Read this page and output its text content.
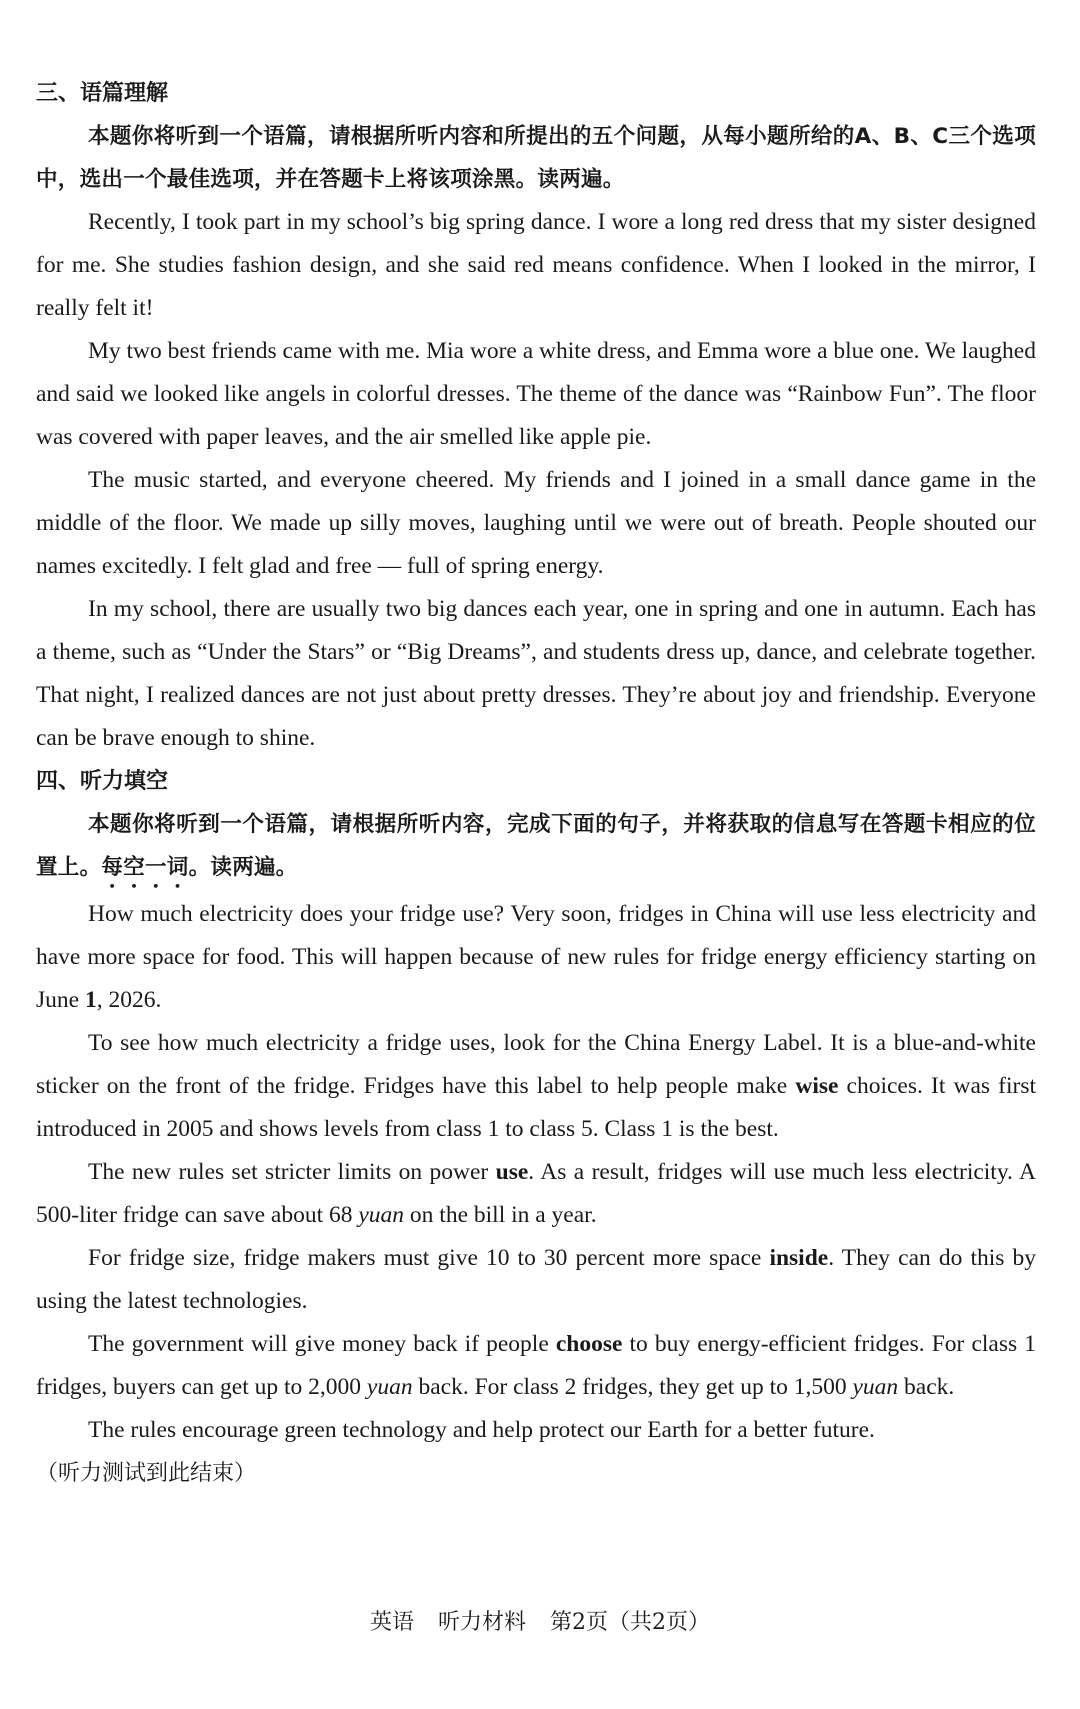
三、语篇理解

本题你将听到一个语篇，请根据所听内容和所提出的五个问题，从每小题所给的A、B、C三个选项中，选出一个最佳选项，并在答题卡上将该项涂黑。读两遍。

Recently, I took part in my school’s big spring dance. I wore a long red dress that my sister designed for me. She studies fashion design, and she said red means confidence. When I looked in the mirror, I really felt it!

My two best friends came with me. Mia wore a white dress, and Emma wore a blue one. We laughed and said we looked like angels in colorful dresses. The theme of the dance was “Rainbow Fun”. The floor was covered with paper leaves, and the air smelled like apple pie.

The music started, and everyone cheered. My friends and I joined in a small dance game in the middle of the floor. We made up silly moves, laughing until we were out of breath. People shouted our names excitedly. I felt glad and free — full of spring energy.

In my school, there are usually two big dances each year, one in spring and one in autumn. Each has a theme, such as “Under the Stars” or “Big Dreams”, and students dress up, dance, and celebrate together. That night, I realized dances are not just about pretty dresses. They’re about joy and friendship. Everyone can be brave enough to shine.

四、听力填空

本题你将听到一个语篇，请根据所听内容，完成下面的句子，并将获取的信息写在答题卡相应的位置上。每空一词。读两遍。

How much electricity does your fridge use? Very soon, fridges in China will use less electricity and have more space for food. This will happen because of new rules for fridge energy efficiency starting on June 1, 2026.

To see how much electricity a fridge uses, look for the China Energy Label. It is a blue-and-white sticker on the front of the fridge. Fridges have this label to help people make wise choices. It was first introduced in 2005 and shows levels from class 1 to class 5. Class 1 is the best.

The new rules set stricter limits on power use. As a result, fridges will use much less electricity. A 500-liter fridge can save about 68 yuan on the bill in a year.

For fridge size, fridge makers must give 10 to 30 percent more space inside. They can do this by using the latest technologies.

The government will give money back if people choose to buy energy-efficient fridges. For class 1 fridges, buyers can get up to 2,000 yuan back. For class 2 fridges, they get up to 1,500 yuan back.

The rules encourage green technology and help protect our Earth for a better future.

（听力测试到此结束）

英语 听力材料 第2页（共2页）
